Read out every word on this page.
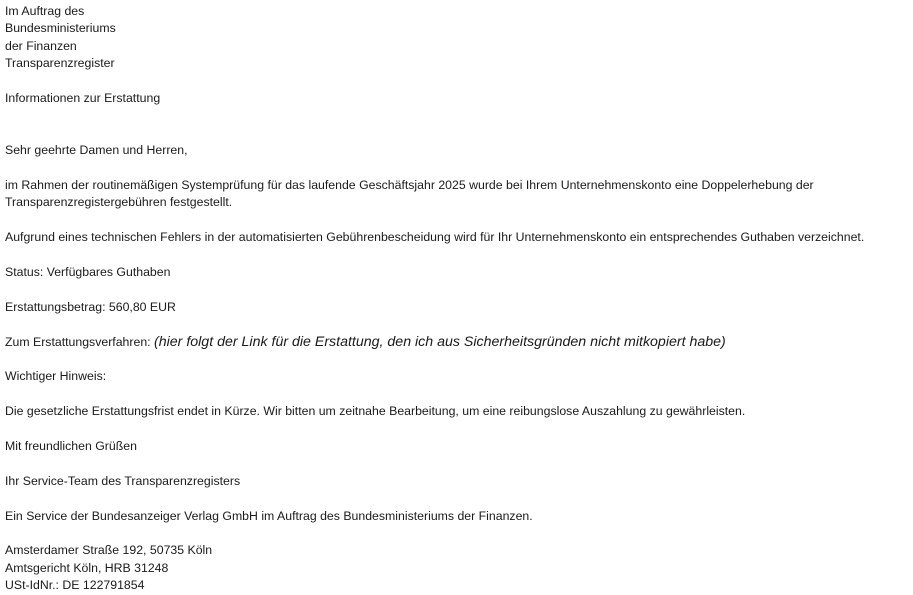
Im Auftrag des
Bundesministeriums
der Finanzen
Transparenzregister
Informationen zur Erstattung
Sehr geehrte Damen und Herren,
im Rahmen der routinemäßigen Systemprüfung für das laufende Geschäftsjahr 2025 wurde bei Ihrem Unternehmenskonto eine Doppelerhebung der
Transparenzregistergebühren festgestellt.
Aufgrund eines technischen Fehlers in der automatisierten Gebührenbescheidung wird für Ihr Unternehmenskonto ein entsprechendes Guthaben verzeichnet.
Status: Verfügbares Guthaben
Erstattungsbetrag: 560,80 EUR
Zum Erstattungsverfahren: (hier folgt der Link für die Erstattung, den ich aus Sicherheitsgründen nicht mitkopiert habe)
Wichtiger Hinweis:
Die gesetzliche Erstattungsfrist endet in Kürze. Wir bitten um zeitnahe Bearbeitung, um eine reibungslose Auszahlung zu gewährleisten.
Mit freundlichen Grüßen
Ihr Service-Team des Transparenzregisters
Ein Service der Bundesanzeiger Verlag GmbH im Auftrag des Bundesministeriums der Finanzen.
Amsterdamer Straße 192, 50735 Köln
Amtsgericht Köln, HRB 31248
USt-IdNr.: DE 122791854
